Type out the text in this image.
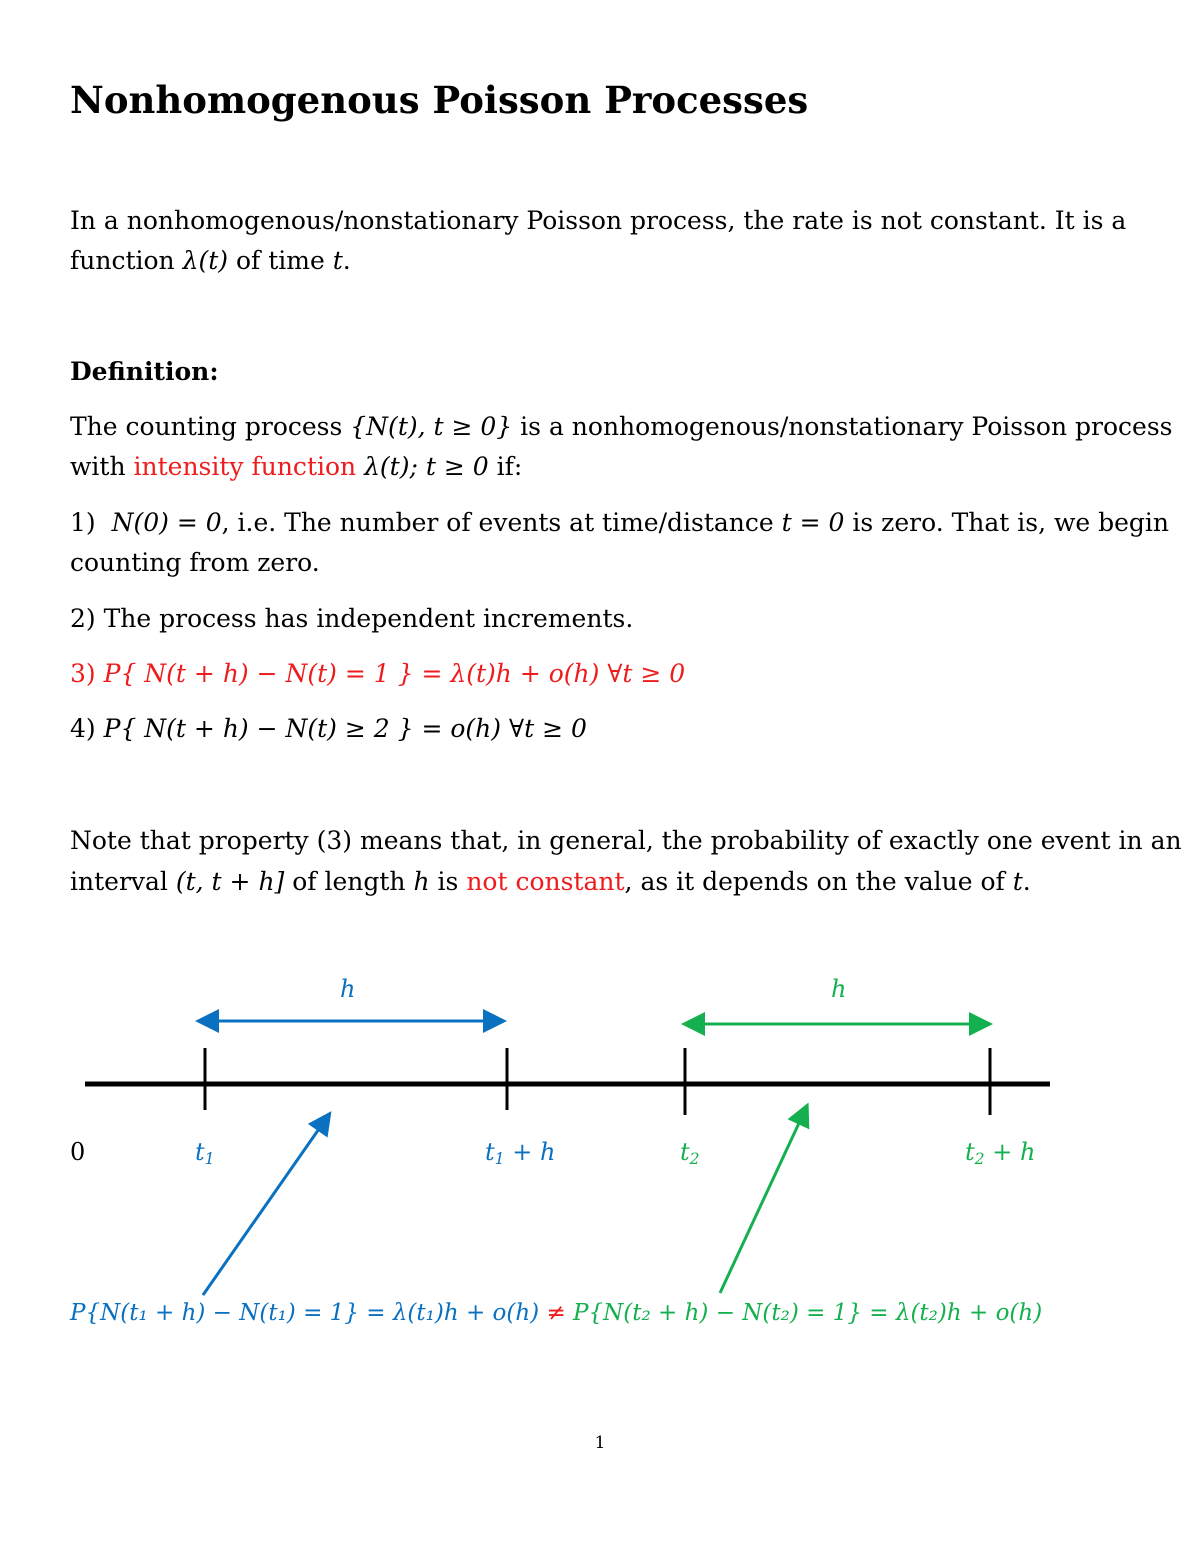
Nonhomogenous Poisson Processes
In a nonhomogenous/nonstationary Poisson process, the rate is not constant. It is a
function λ(t) of time t.
Definition:
The counting process {N(t), t ≥ 0} is a nonhomogenous/nonstationary Poisson process
with intensity function λ(t); t ≥ 0 if:
1) N(0) = 0, i.e. The number of events at time/distance t = 0 is zero. That is, we begin
counting from zero.
2) The process has independent increments.
3) P{ N(t + h) − N(t) = 1 } = λ(t)h + o(h) ∀t ≥ 0
4) P{ N(t + h) − N(t) ≥ 2 } = o(h) ∀t ≥ 0
Note that property (3) means that, in general, the probability of exactly one event in an
interval (t, t + h] of length h is not constant, as it depends on the value of t.
h	h
0	$t_1$	$t_1 + h$	$t_2$	$t_2 + h$
P{N(t₁ + h) − N(t₁) = 1} = λ(t₁)h + o(h) ≠ P{N(t₂ + h) − N(t₂) = 1} = λ(t₂)h + o(h)
1
